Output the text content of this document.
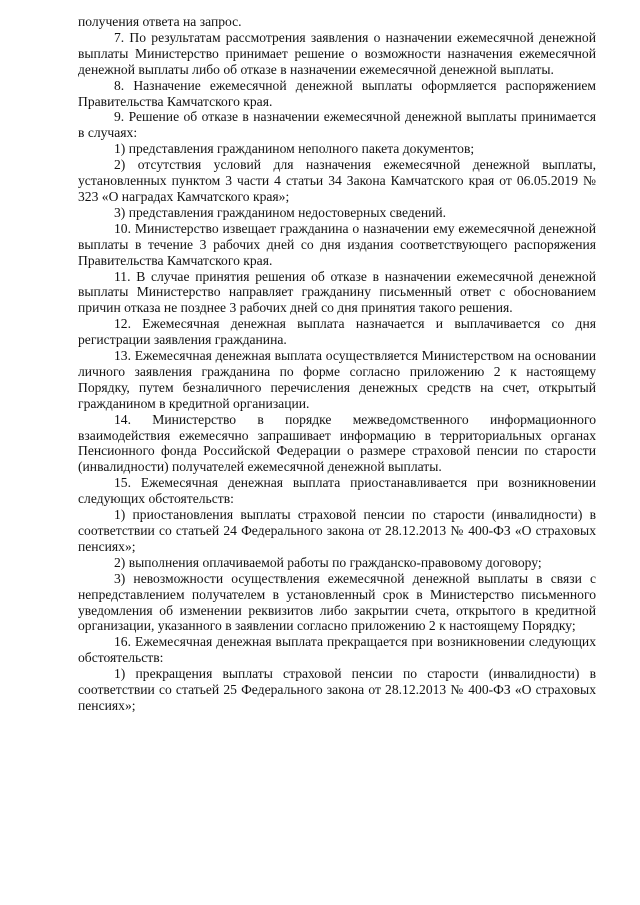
получения ответа на запрос.

7. По результатам рассмотрения заявления о назначении ежемесячной денежной выплаты Министерство принимает решение о возможности назначения ежемесячной денежной выплаты либо об отказе в назначении ежемесячной денежной выплаты.

8. Назначение ежемесячной денежной выплаты оформляется распоряжением Правительства Камчатского края.

9. Решение об отказе в назначении ежемесячной денежной выплаты принимается в случаях:

1) представления гражданином неполного пакета документов;

2) отсутствия условий для назначения ежемесячной денежной выплаты, установленных пунктом 3 части 4 статьи 34 Закона Камчатского края от 06.05.2019 № 323 «О наградах Камчатского края»;

3) представления гражданином недостоверных сведений.

10. Министерство извещает гражданина о назначении ему ежемесячной денежной выплаты в течение 3 рабочих дней со дня издания соответствующего распоряжения Правительства Камчатского края.

11. В случае принятия решения об отказе в назначении ежемесячной денежной выплаты Министерство направляет гражданину письменный ответ с обоснованием причин отказа не позднее 3 рабочих дней со дня принятия такого решения.

12. Ежемесячная денежная выплата назначается и выплачивается со дня регистрации заявления гражданина.

13. Ежемесячная денежная выплата осуществляется Министерством на основании личного заявления гражданина по форме согласно приложению 2 к настоящему Порядку, путем безналичного перечисления денежных средств на счет, открытый гражданином в кредитной организации.

14. Министерство в порядке межведомственного информационного взаимодействия ежемесячно запрашивает информацию в территориальных органах Пенсионного фонда Российской Федерации о размере страховой пенсии по старости (инвалидности) получателей ежемесячной денежной выплаты.

15. Ежемесячная денежная выплата приостанавливается при возникновении следующих обстоятельств:

1) приостановления выплаты страховой пенсии по старости (инвалидности) в соответствии со статьей 24 Федерального закона от 28.12.2013 № 400-ФЗ «О страховых пенсиях»;

2) выполнения оплачиваемой работы по гражданско-правовому договору;

3) невозможности осуществления ежемесячной денежной выплаты в связи с непредставлением получателем в установленный срок в Министерство письменного уведомления об изменении реквизитов либо закрытии счета, открытого в кредитной организации, указанного в заявлении согласно приложению 2 к настоящему Порядку;

16. Ежемесячная денежная выплата прекращается при возникновении следующих обстоятельств:

1) прекращения выплаты страховой пенсии по старости (инвалидности) в соответствии со статьей 25 Федерального закона от 28.12.2013 № 400-ФЗ «О страховых пенсиях»;
